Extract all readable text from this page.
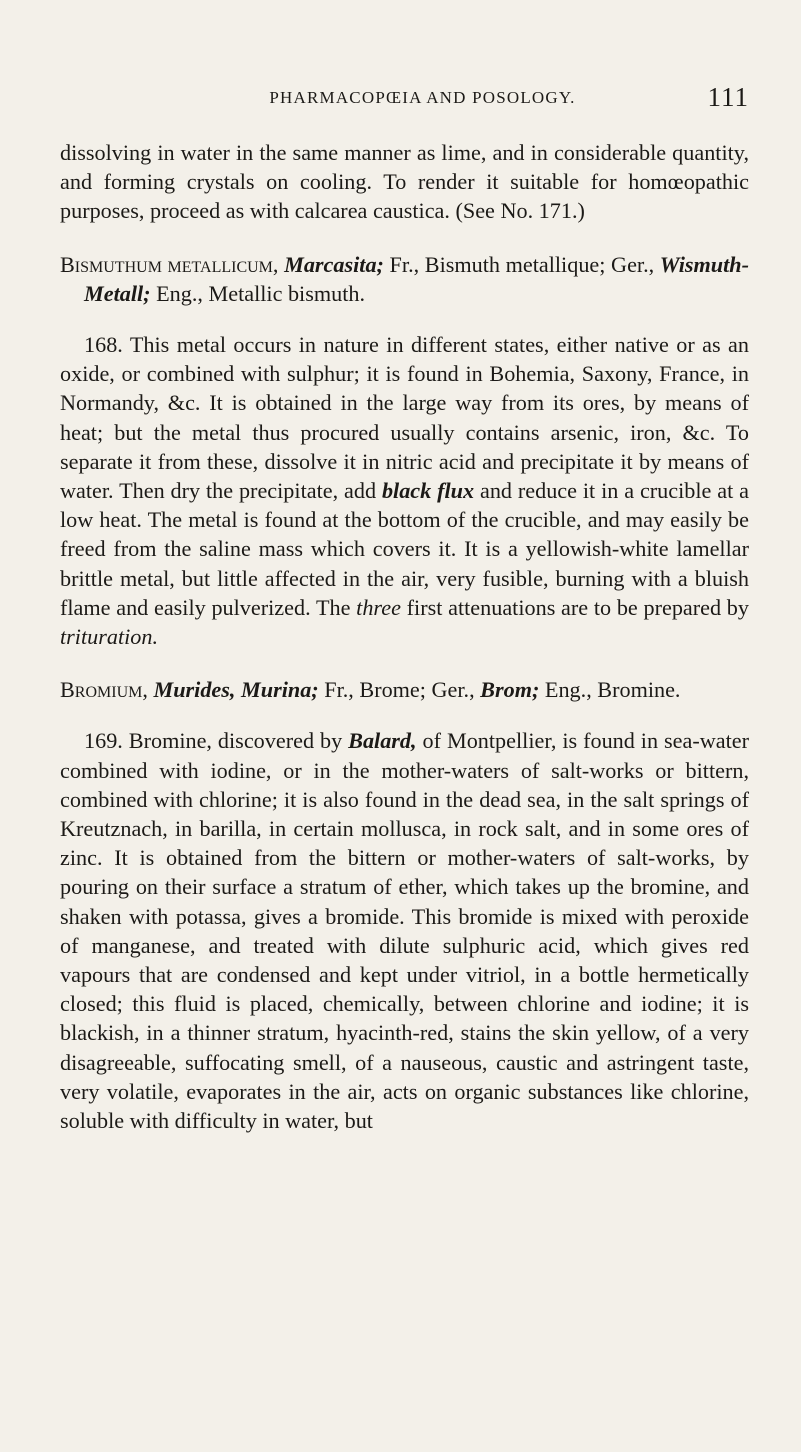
PHARMACOPŒIA AND POSOLOGY.	111

dissolving in water in the same manner as lime, and in considerable quantity, and forming crystals on cooling. To render it suitable for homœopathic purposes, proceed as with calcarea caustica. (See No. 171.)

Bismuthum metallicum, Marcasita; Fr., Bismuth metallique; Ger., Wismuth-Metall; Eng., Metallic bismuth.

168. This metal occurs in nature in different states, either native or as an oxide, or combined with sulphur; it is found in Bohemia, Saxony, France, in Normandy, &c. It is obtained in the large way from its ores, by means of heat; but the metal thus procured usually contains arsenic, iron, &c. To separate it from these, dissolve it in nitric acid and precipitate it by means of water. Then dry the precipitate, add black flux and reduce it in a crucible at a low heat. The metal is found at the bottom of the crucible, and may easily be freed from the saline mass which covers it. It is a yellowish-white lamellar brittle metal, but little affected in the air, very fusible, burning with a bluish flame and easily pulverized. The three first attenuations are to be prepared by trituration.

Bromium, Murides, Murina; Fr., Brome; Ger., Brom; Eng., Bromine.

169. Bromine, discovered by Balard, of Montpellier, is found in sea-water combined with iodine, or in the mother-waters of salt-works or bittern, combined with chlorine; it is also found in the dead sea, in the salt springs of Kreutznach, in barilla, in certain mollusca, in rock salt, and in some ores of zinc. It is obtained from the bittern or mother-waters of salt-works, by pouring on their surface a stratum of ether, which takes up the bromine, and shaken with potassa, gives a bromide. This bromide is mixed with peroxide of manganese, and treated with dilute sulphuric acid, which gives red vapours that are condensed and kept under vitriol, in a bottle hermetically closed; this fluid is placed, chemically, between chlorine and iodine; it is blackish, in a thinner stratum, hyacinth-red, stains the skin yellow, of a very disagreeable, suffocating smell, of a nauseous, caustic and astringent taste, very volatile, evaporates in the air, acts on organic substances like chlorine, soluble with difficulty in water, but
